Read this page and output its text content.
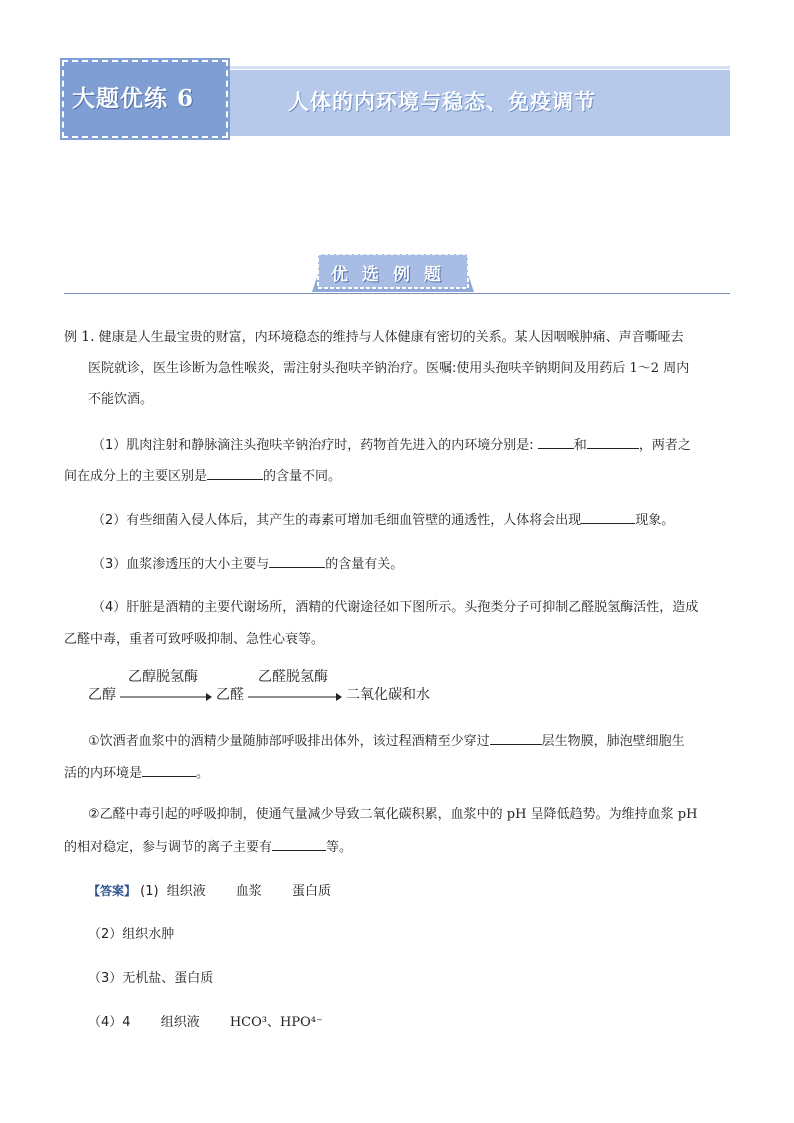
大题优练 6	人体的内环境与稳态、免疫调节
优选例题
例 1. 健康是人生最宝贵的财富，内环境稳态的维持与人体健康有密切的关系。某人因咽喉肿痛、声音嘶哑去
医院就诊，医生诊断为急性喉炎，需注射头孢呋辛钠治疗。医嘱:使用头孢呋辛钠期间及用药后 1～2 周内
不能饮酒。
（1）肌肉注射和静脉滴注头孢呋辛钠治疗时，药物首先进入的内环境分别是:	和	，两者之
间在成分上的主要区别是	的含量不同。
（2）有些细菌入侵人体后，其产生的毒素可增加毛细血管壁的通透性，人体将会出现	现象。
（3）血浆渗透压的大小主要与	的含量有关。
（4）肝脏是酒精的主要代谢场所，酒精的代谢途径如下图所示。头孢类分子可抑制乙醛脱氢酶活性，造成
乙醛中毒，重者可致呼吸抑制、急性心衰等。
乙醇
乙醇脱氢酶
乙醛
乙醛脱氢酶
二氧化碳和水
①饮酒者血浆中的酒精少量随肺部呼吸排出体外，该过程酒精至少穿过	层生物膜，肺泡壁细胞生
活的内环境是	。
②乙醛中毒引起的呼吸抑制，使通气量减少导致二氧化碳积累，血浆中的 pH 呈降低趋势。为维持血浆 pH
的相对稳定，参与调节的离子主要有	等。
【答案】 (1) 组织液 血浆 蛋白质
（2）组织水肿
（3）无机盐、蛋白质
（4）4 组织液 HCO³、HPO⁴⁻
